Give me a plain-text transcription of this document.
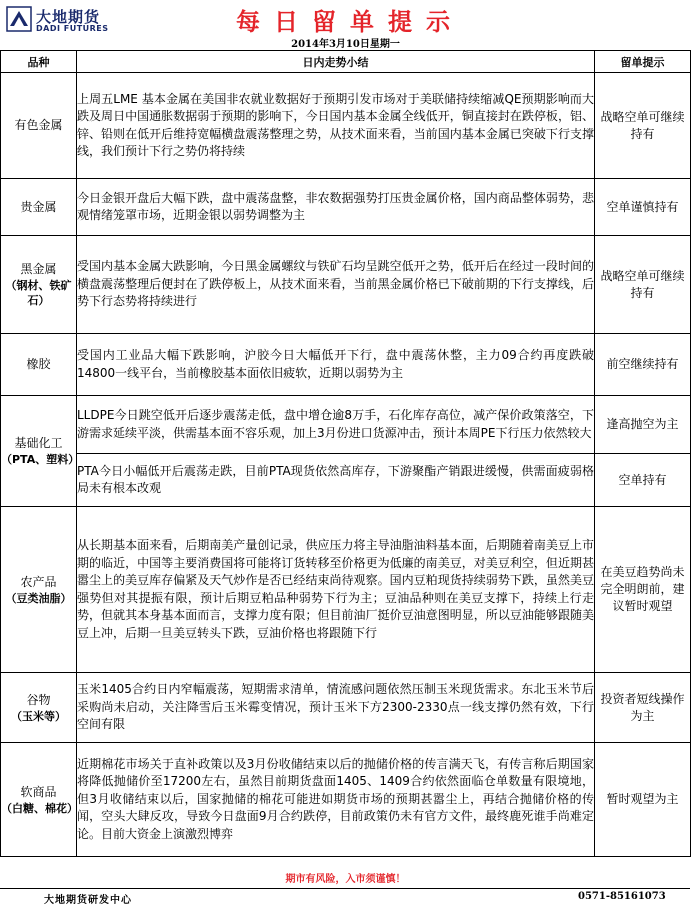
大地期货
DADI FUTURES	每日留单提示
2014年3月10日星期一
品种	日内走势小结	留单提示

有色金属	上周五LME 基本金属在美国非农就业数据好于预期引发市场对于美联储持续缩减QE预期影响而大跌及周日中国通胀数据弱于预期的影响下，今日国内基本金属全线低开，铜直接封在跌停板，铝、锌、铅则在低开后维持宽幅横盘震荡整理之势，从技术面来看，当前国内基本金属已突破下行支撑线，我们预计下行之势仍将持续	战略空单可继续持有

贵金属	今日金银开盘后大幅下跌，盘中震荡盘整，非农数据强势打压贵金属价格，国内商品整体弱势，悲观情绪笼罩市场，近期金银以弱势调整为主	空单谨慎持有

黑金属
（钢材、铁矿石）	受国内基本金属大跌影响，今日黑金属螺纹与铁矿石均呈跳空低开之势，低开后在经过一段时间的横盘震荡整理后便封在了跌停板上，从技术面来看，当前黑金属价格已下破前期的下行支撑线，后势下行态势将持续进行	战略空单可继续持有

橡胶	受国内工业品大幅下跌影响，沪胶今日大幅低开下行，盘中震荡休整，主力09合约再度跌破14800一线平台，当前橡胶基本面依旧疲软，近期以弱势为主	前空继续持有

基础化工
（PTA、塑料）	LLDPE今日跳空低开后逐步震荡走低，盘中增仓逾8万手，石化库存高位，减产保价政策落空，下游需求延续平淡，供需基本面不容乐观，加上3月份进口货源冲击，预计本周PE下行压力依然较大	逢高抛空为主
	PTA今日小幅低开后震荡走跌，目前PTA现货依然高库存，下游聚酯产销跟进缓慢，供需面疲弱格局未有根本改观	空单持有

农产品
（豆类油脂）	从长期基本面来看，后期南美产量创记录，供应压力将主导油脂油料基本面，后期随着南美豆上市期的临近，中国等主要消费国将可能将订货转移至价格更为低廉的南美豆，对美豆利空，但近期甚嚣尘上的美豆库存偏紧及天气炒作是否已经结束尚待观察。国内豆粕现货持续弱势下跌，虽然美豆强势但对其提振有限，预计后期豆粕品种弱势下行为主；豆油品种则在美豆支撑下，持续上行走势，但就其本身基本面而言，支撑力度有限；但目前油厂挺价豆油意图明显，所以豆油能够跟随美豆上冲，后期一旦美豆转头下跌，豆油价格也将跟随下行	在美豆趋势尚未完全明朗前，建议暂时观望

谷物
（玉米等）	玉米1405合约日内窄幅震荡，短期需求清单，情流感问题依然压制玉米现货需求。东北玉米节后采购尚未启动，关注降雪后玉米霉变情况，预计玉米下方2300-2330点一线支撑仍然有效，下行空间有限	投资者短线操作为主

软商品
（白糖、棉花）	近期棉花市场关于直补政策以及3月份收储结束以后的抛储价格的传言满天飞，有传言称后期国家将降低抛储价至17200左右，虽然目前期货盘面1405、1409合约依然面临仓单数量有限境地，但3月收储结束以后，国家抛储的棉花可能进如期货市场的预期甚嚣尘上，再结合抛储价格的传闻，空头大肆反攻，导致今日盘面9月合约跌停，目前政策仍未有官方文件，最终鹿死谁手尚难定论。目前大资金上演激烈博弈	暂时观望为主
期市有风险，入市须谨慎！
大地期货研发中心	0571-85161073
